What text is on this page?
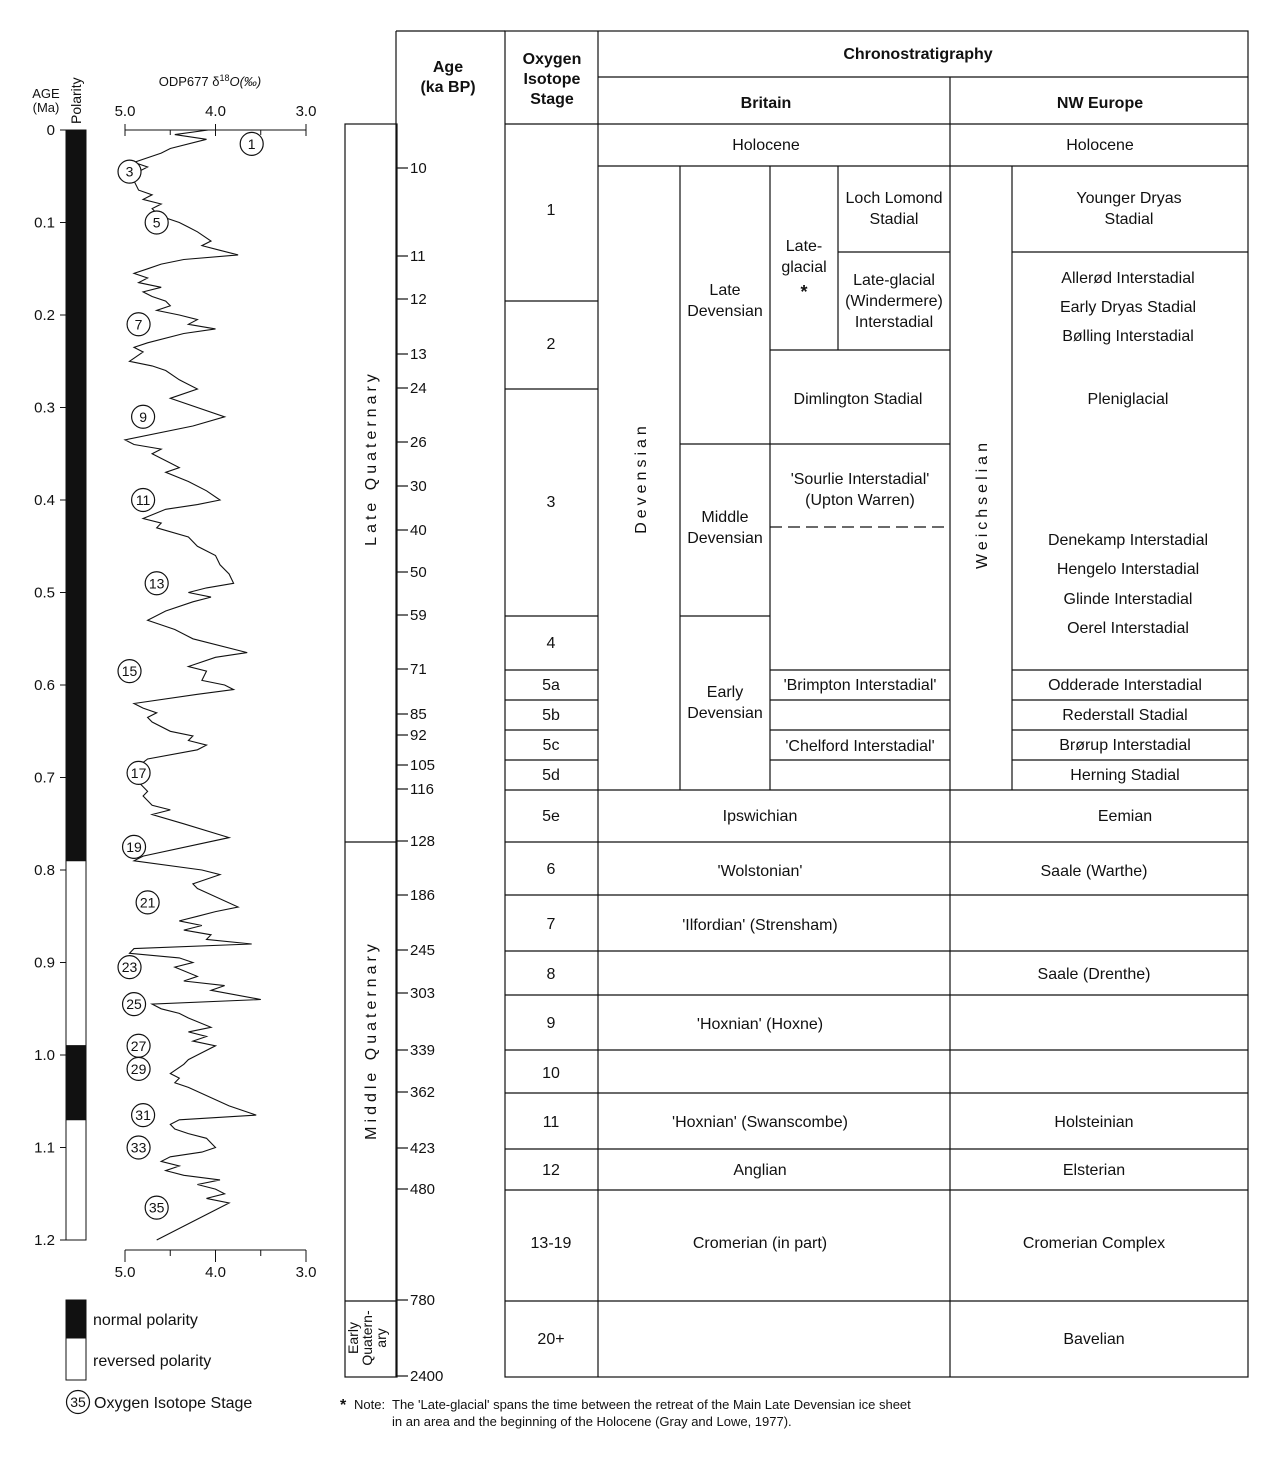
AGE
(Ma) Polarity	ODP677 $\delta^{18}O(‰)$
0
0.1
0.2
0.3
0.4
0.5
0.6
0.7
0.8
0.9
1.0
1.1
1.2
5.0
5.0
4.0
4.0
3.0
3.0
1
3
5
7
9
11
13
15
17
19
21
23
25
27
29
31
33
35
normal polarity
reversed polarity
35 Oxygen Isotope Stage
Age
(ka BP)
Oxygen
Isotope
Stage
Chronostratigraphy
Britain	NW Europe
Late Quaternary
Middle Quaternary
Early
Quatern-
ary
10
11
12
13
24
26
30
40
50
59
71
85
92
105
116
128
186
245
303
339
362
423
480
780
2400
1
2
3
4
5a
5b
5c
5d
5e
6
7
8
9
10
11
12
13-19
20+
Holocene
Devensian
Late
Devensian
Middle
Devensian
Early
Devensian
Late-
glacial
*
Loch Lomond
Stadial
Late-glacial
(Windermere)
Interstadial
Dimlington Stadial
'Sourlie Interstadial'
(Upton Warren)
'Brimpton Interstadial'
'Chelford Interstadial'
Ipswichian
'Wolstonian'
'Ilfordian' (Strensham)
'Hoxnian' (Hoxne)
'Hoxnian' (Swanscombe)
Anglian
Cromerian (in part)
Holocene
Weichselian
Younger Dryas
Stadial
Allerød Interstadial
Early Dryas Stadial
Bølling Interstadial
Pleniglacial
Denekamp Interstadial
Hengelo Interstadial
Glinde Interstadial
Oerel Interstadial
Odderade Interstadial
Rederstall Stadial
Brørup Interstadial
Herning Stadial
Eemian
Saale (Warthe)
Saale (Drenthe)
Holsteinian
Elsterian
Cromerian Complex
Bavelian
* Note: The 'Late-glacial' spans the time between the retreat of the Main Late Devensian ice sheet
in an area and the beginning of the Holocene (Gray and Lowe, 1977).
